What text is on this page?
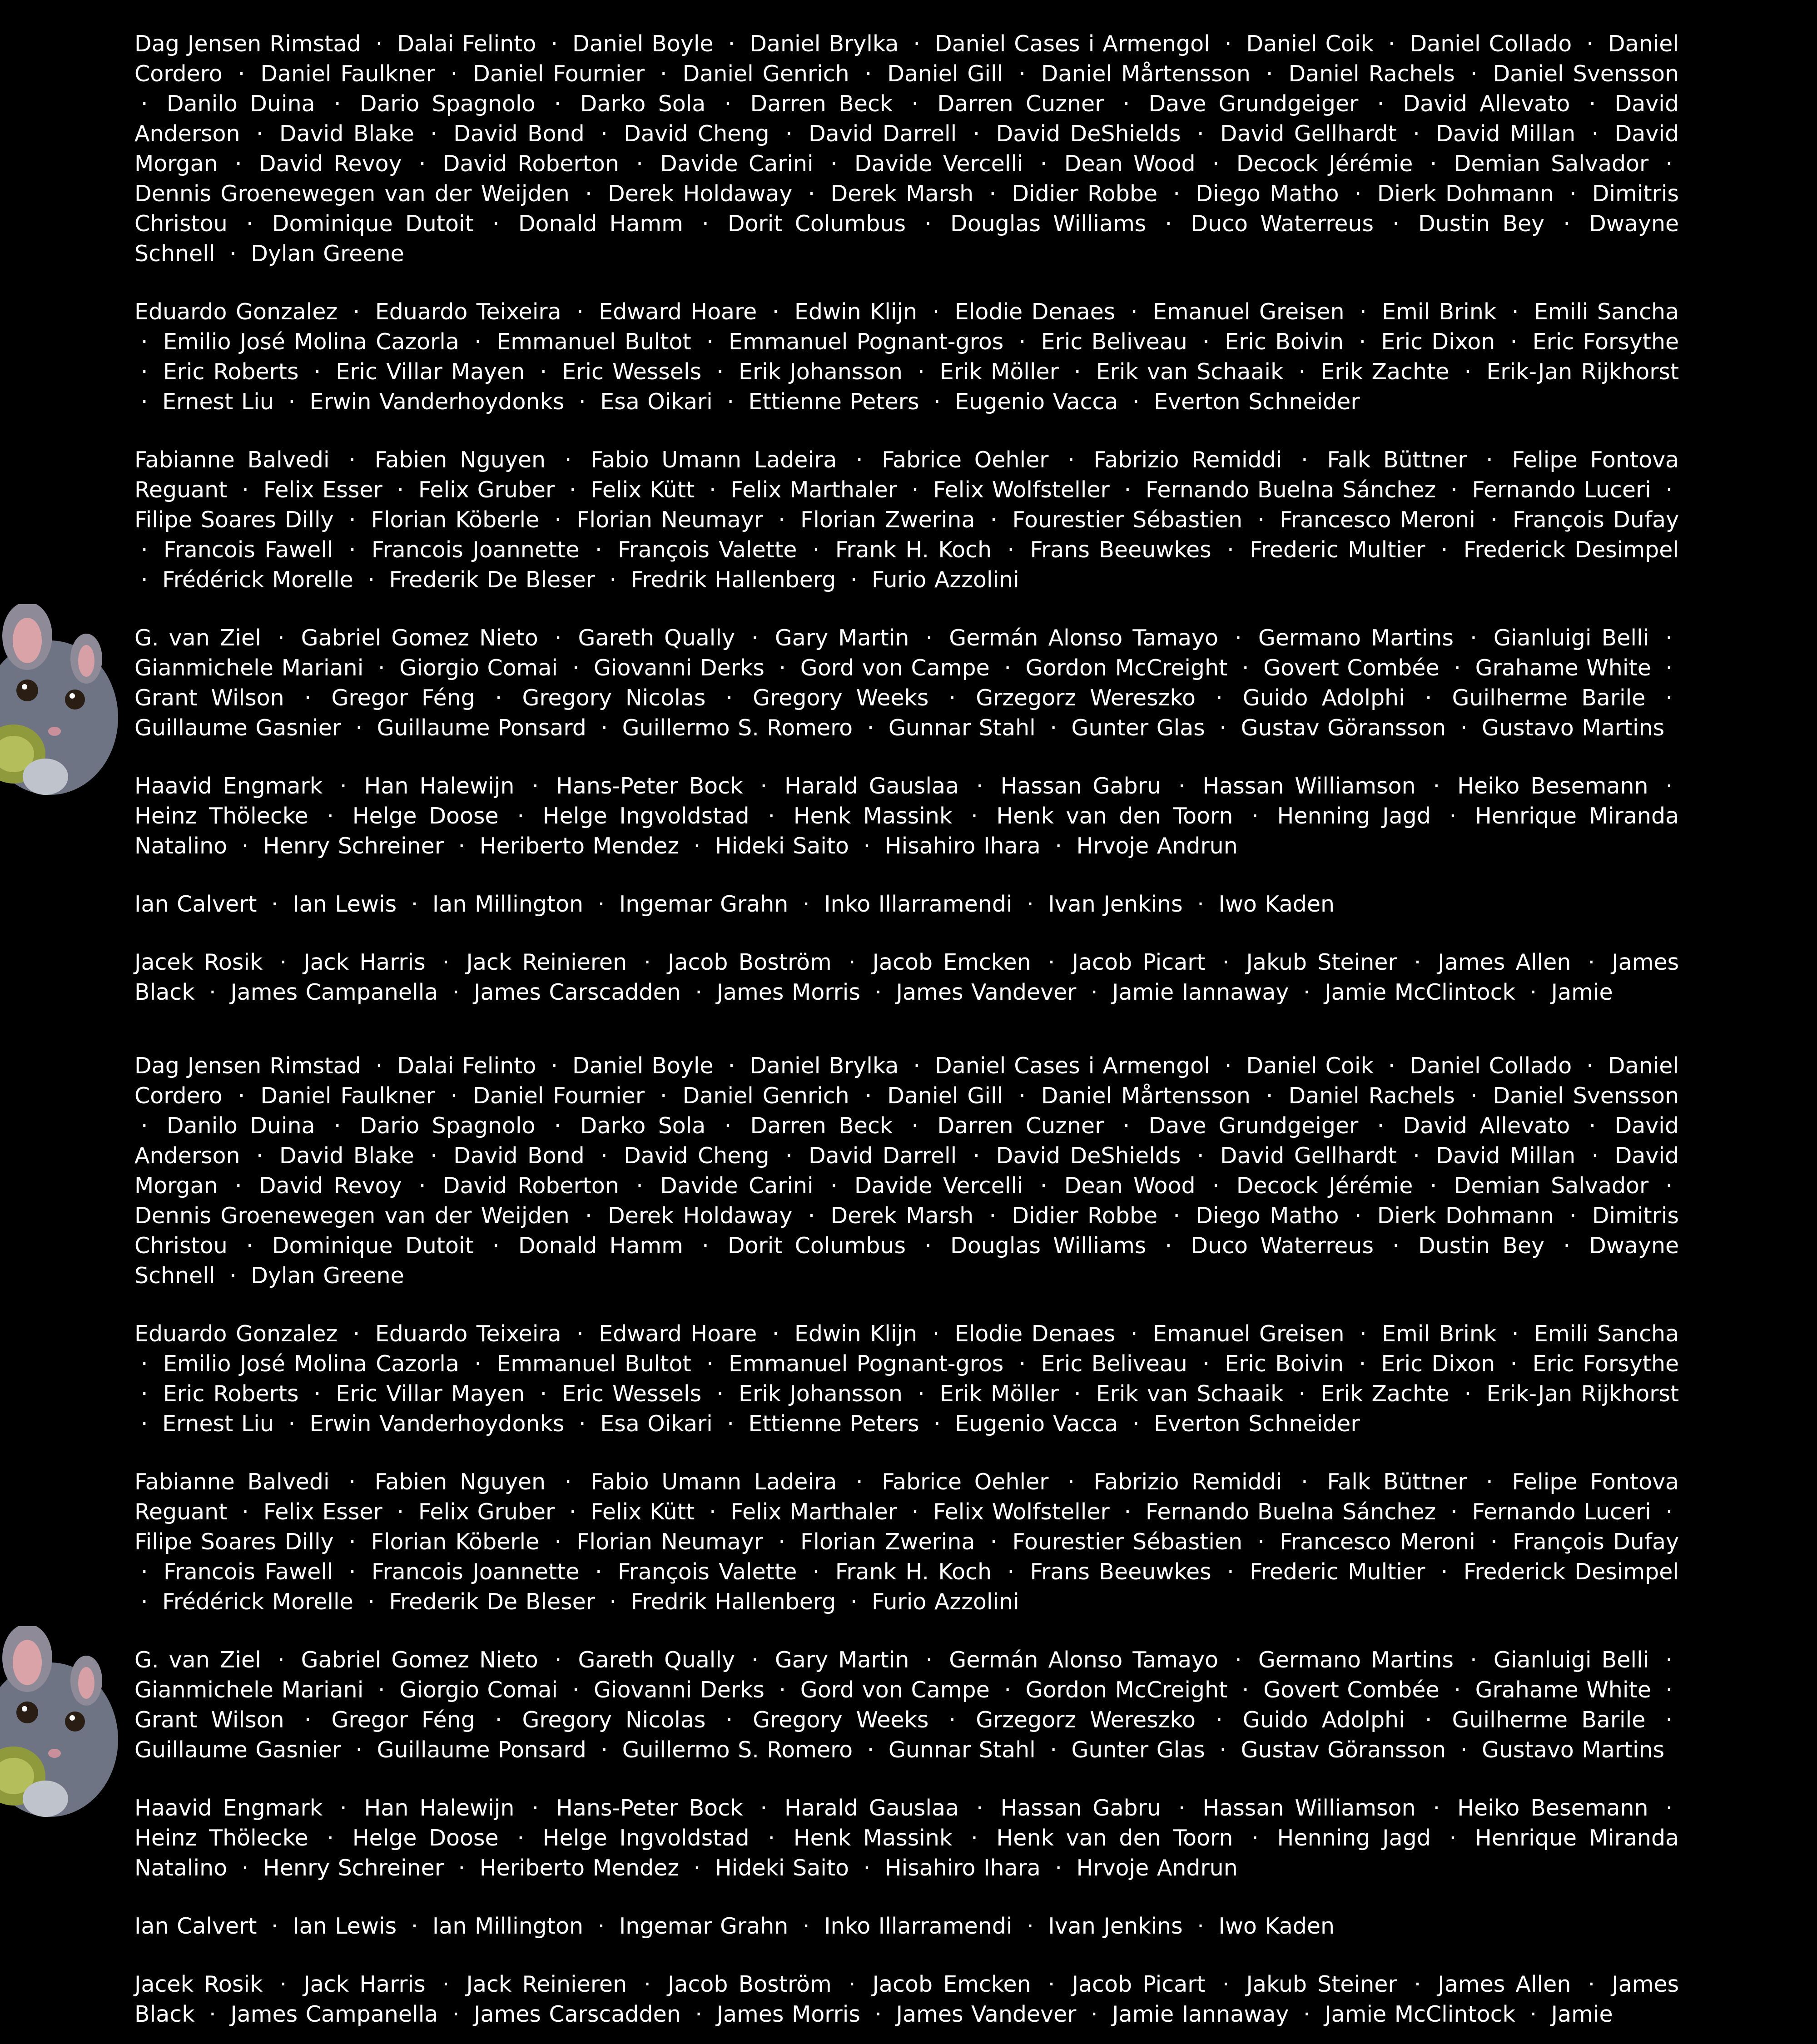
Dag Jensen Rimstad · Dalai Felinto · Daniel Boyle · Daniel Brylka · Daniel Cases i Armengol · Daniel Coik · Daniel Collado · Daniel Cordero · Daniel Faulkner · Daniel Fournier · Daniel Genrich · Daniel Gill · Daniel Mårtensson · Daniel Rachels · Daniel Svensson · Danilo Duina · Dario Spagnolo · Darko Sola · Darren Beck · Darren Cuzner · Dave Grundgeiger · David Allevato · David Anderson · David Blake · David Bond · David Cheng · David Darrell · David DeShields · David Gellhardt · David Millan · David Morgan · David Revoy · David Roberton · Davide Carini · Davide Vercelli · Dean Wood · Decock Jérémie · Demian Salvador · Dennis Groenewegen van der Weijden · Derek Holdaway · Derek Marsh · Didier Robbe · Diego Matho · Dierk Dohmann · Dimitris Christou · Dominique Dutoit · Donald Hamm · Dorit Columbus · Douglas Williams · Duco Waterreus · Dustin Bey · Dwayne Schnell · Dylan Greene

Eduardo Gonzalez · Eduardo Teixeira · Edward Hoare · Edwin Klijn · Elodie Denaes · Emanuel Greisen · Emil Brink · Emili Sancha · Emilio José Molina Cazorla · Emmanuel Bultot · Emmanuel Pognant-gros · Eric Beliveau · Eric Boivin · Eric Dixon · Eric Forsythe · Eric Roberts · Eric Villar Mayen · Eric Wessels · Erik Johansson · Erik Möller · Erik van Schaaik · Erik Zachte · Erik-Jan Rijkhorst · Ernest Liu · Erwin Vanderhoydonks · Esa Oikari · Ettienne Peters · Eugenio Vacca · Everton Schneider

Fabianne Balvedi · Fabien Nguyen · Fabio Umann Ladeira · Fabrice Oehler · Fabrizio Remiddi · Falk Büttner · Felipe Fontova Reguant · Felix Esser · Felix Gruber · Felix Kütt · Felix Marthaler · Felix Wolfsteller · Fernando Buelna Sánchez · Fernando Luceri · Filipe Soares Dilly · Florian Köberle · Florian Neumayr · Florian Zwerina · Fourestier Sébastien · Francesco Meroni · François Dufay · Francois Fawell · Francois Joannette · François Valette · Frank H. Koch · Frans Beeuwkes · Frederic Multier · Frederick Desimpel · Frédérick Morelle · Frederik De Bleser · Fredrik Hallenberg · Furio Azzolini

G. van Ziel · Gabriel Gomez Nieto · Gareth Qually · Gary Martin · Germán Alonso Tamayo · Germano Martins · Gianluigi Belli · Gianmichele Mariani · Giorgio Comai · Giovanni Derks · Gord von Campe · Gordon McCreight · Govert Combée · Grahame White · Grant Wilson · Gregor Féng · Gregory Nicolas · Gregory Weeks · Grzegorz Wereszko · Guido Adolphi · Guilherme Barile · Guillaume Gasnier · Guillaume Ponsard · Guillermo S. Romero · Gunnar Stahl · Gunter Glas · Gustav Göransson · Gustavo Martins

Haavid Engmark · Han Halewijn · Hans-Peter Bock · Harald Gauslaa · Hassan Gabru · Hassan Williamson · Heiko Besemann · Heinz Thölecke · Helge Doose · Helge Ingvoldstad · Henk Massink · Henk van den Toorn · Henning Jagd · Henrique Miranda Natalino · Henry Schreiner · Heriberto Mendez · Hideki Saito · Hisahiro Ihara · Hrvoje Andrun

Ian Calvert · Ian Lewis · Ian Millington · Ingemar Grahn · Inko Illarramendi · Ivan Jenkins · Iwo Kaden

Jacek Rosik · Jack Harris · Jack Reinieren · Jacob Boström · Jacob Emcken · Jacob Picart · Jakub Steiner · James Allen · James Black · James Campanella · James Carscadden · James Morris · James Vandever · Jamie Iannaway · Jamie McClintock · Jamie

Dag Jensen Rimstad · Dalai Felinto · Daniel Boyle · Daniel Brylka · Daniel Cases i Armengol · Daniel Coik · Daniel Collado · Daniel Cordero · Daniel Faulkner · Daniel Fournier · Daniel Genrich · Daniel Gill · Daniel Mårtensson · Daniel Rachels · Daniel Svensson · Danilo Duina · Dario Spagnolo · Darko Sola · Darren Beck · Darren Cuzner · Dave Grundgeiger · David Allevato · David Anderson · David Blake · David Bond · David Cheng · David Darrell · David DeShields · David Gellhardt · David Millan · David Morgan · David Revoy · David Roberton · Davide Carini · Davide Vercelli · Dean Wood · Decock Jérémie · Demian Salvador · Dennis Groenewegen van der Weijden · Derek Holdaway · Derek Marsh · Didier Robbe · Diego Matho · Dierk Dohmann · Dimitris Christou · Dominique Dutoit · Donald Hamm · Dorit Columbus · Douglas Williams · Duco Waterreus · Dustin Bey · Dwayne Schnell · Dylan Greene

Eduardo Gonzalez · Eduardo Teixeira · Edward Hoare · Edwin Klijn · Elodie Denaes · Emanuel Greisen · Emil Brink · Emili Sancha · Emilio José Molina Cazorla · Emmanuel Bultot · Emmanuel Pognant-gros · Eric Beliveau · Eric Boivin · Eric Dixon · Eric Forsythe · Eric Roberts · Eric Villar Mayen · Eric Wessels · Erik Johansson · Erik Möller · Erik van Schaaik · Erik Zachte · Erik-Jan Rijkhorst · Ernest Liu · Erwin Vanderhoydonks · Esa Oikari · Ettienne Peters · Eugenio Vacca · Everton Schneider

Fabianne Balvedi · Fabien Nguyen · Fabio Umann Ladeira · Fabrice Oehler · Fabrizio Remiddi · Falk Büttner · Felipe Fontova Reguant · Felix Esser · Felix Gruber · Felix Kütt · Felix Marthaler · Felix Wolfsteller · Fernando Buelna Sánchez · Fernando Luceri · Filipe Soares Dilly · Florian Köberle · Florian Neumayr · Florian Zwerina · Fourestier Sébastien · Francesco Meroni · François Dufay · Francois Fawell · Francois Joannette · François Valette · Frank H. Koch · Frans Beeuwkes · Frederic Multier · Frederick Desimpel · Frédérick Morelle · Frederik De Bleser · Fredrik Hallenberg · Furio Azzolini

G. van Ziel · Gabriel Gomez Nieto · Gareth Qually · Gary Martin · Germán Alonso Tamayo · Germano Martins · Gianluigi Belli · Gianmichele Mariani · Giorgio Comai · Giovanni Derks · Gord von Campe · Gordon McCreight · Govert Combée · Grahame White · Grant Wilson · Gregor Féng · Gregory Nicolas · Gregory Weeks · Grzegorz Wereszko · Guido Adolphi · Guilherme Barile · Guillaume Gasnier · Guillaume Ponsard · Guillermo S. Romero · Gunnar Stahl · Gunter Glas · Gustav Göransson · Gustavo Martins

Haavid Engmark · Han Halewijn · Hans-Peter Bock · Harald Gauslaa · Hassan Gabru · Hassan Williamson · Heiko Besemann · Heinz Thölecke · Helge Doose · Helge Ingvoldstad · Henk Massink · Henk van den Toorn · Henning Jagd · Henrique Miranda Natalino · Henry Schreiner · Heriberto Mendez · Hideki Saito · Hisahiro Ihara · Hrvoje Andrun

Ian Calvert · Ian Lewis · Ian Millington · Ingemar Grahn · Inko Illarramendi · Ivan Jenkins · Iwo Kaden

Jacek Rosik · Jack Harris · Jack Reinieren · Jacob Boström · Jacob Emcken · Jacob Picart · Jakub Steiner · James Allen · James Black · James Campanella · James Carscadden · James Morris · James Vandever · Jamie Iannaway · Jamie McClintock · Jamie
